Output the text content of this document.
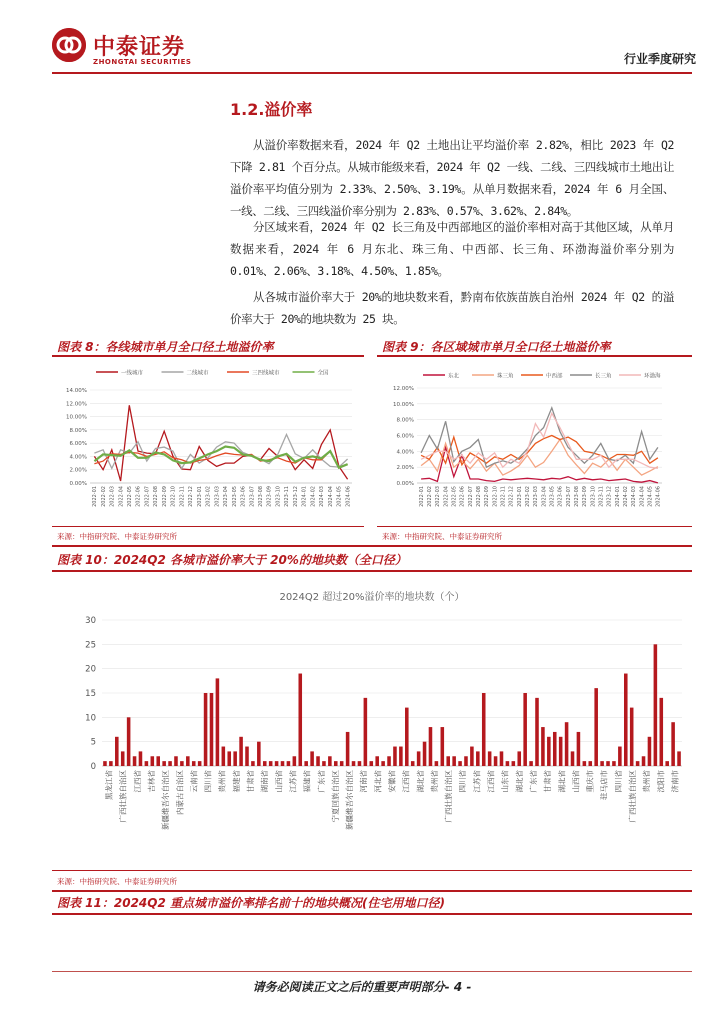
中泰证券
ZHONGTAI SECURITIES	行业季度研究
1.2.溢价率
从溢价率数据来看，2024 年 Q2 土地出让平均溢价率 2.82%，相比 2023 年 Q2 下降 2.81 个百分点。从城市能级来看，2024 年 Q2 一线、二线、三四线城市土地出让溢价率平均值分别为 2.33%、2.50%、3.19%。从单月数据来看，2024 年 6 月全国、一线、二线、三四线溢价率分别为 2.83%、0.57%、3.62%、2.84%。
分区域来看，2024 年 Q2 长三角及中西部地区的溢价率相对高于其他区域，从单月数据来看，2024 年 6 月东北、珠三角、中西部、长三角、环渤海溢价率分别为 0.01%、2.06%、3.18%、4.50%、1.85%。
从各城市溢价率大于 20%的地块数来看，黔南布依族苗族自治州 2024 年 Q2 的溢价率大于 20%的地块数为 25 块。
图表 8：各线城市单月全口径土地溢价率
一线城市	二线城市	三四线城市	全国
0.00%
2.00%
4.00%
6.00%
8.00%
10.00%
12.00%
14.00%
2022-01 2022-02 2022-03 2022-04 2022-05 2022-06 2022-07 2022-08 2022-09 2022-10 2022-11 2022-12 2023-01 2023-02 2023-03 2023-04 2023-05 2023-06 2023-07 2023-08 2023-09 2023-10 2023-11 2023-12 2024-01 2024-02 2024-03 2024-04 2024-05 2024-06
来源：中指研究院、中泰证券研究所
图表 9：各区域城市单月全口径土地溢价率
东北	珠三角	中西部	长三角	环渤海
0.00%
2.00%
4.00%
6.00%
8.00%
10.00%
12.00%
2022-01 2022-02 2022-03 2022-04 2022-05 2022-06 2022-07 2022-08 2022-09 2022-10 2022-11 2022-12 2023-01 2023-02 2023-03 2023-04 2023-05 2023-06 2023-07 2023-08 2023-09 2023-10 2023-11 2023-12 2024-01 2024-02 2024-03 2024-04 2024-05 2024-06
来源：中指研究院、中泰证券研究所
图表 10：2024Q2 各城市溢价率大于 20%的地块数（全口径）
2024Q2 超过20%溢价率的地块数（个）
0
5
10
15
20
25
30
黑龙江省 广西壮族自治区 江西省 吉林省 新疆维吾尔自治区 内蒙古自治区 云南省 四川省 贵州省 福建省 甘肃省 湖南省 山西省 江苏省 福建省 广东省 宁夏回族自治区 新疆维吾尔自治区 河南省 河北省 安徽省 江西省 湖北省 贵州省 广西壮族自治区 四川省 江苏省 江西省 山东省 湖北省 广东省 甘肃省 湖北省 山西省 重庆市 驻马店市 四川省 广西壮族自治区 贵州省 沈阳市 济南市
来源：中指研究院、中泰证券研究所
图表 11：2024Q2 重点城市溢价率排名前十的地块概况(住宅用地口径)
请务必阅读正文之后的重要声明部分- 4 -
